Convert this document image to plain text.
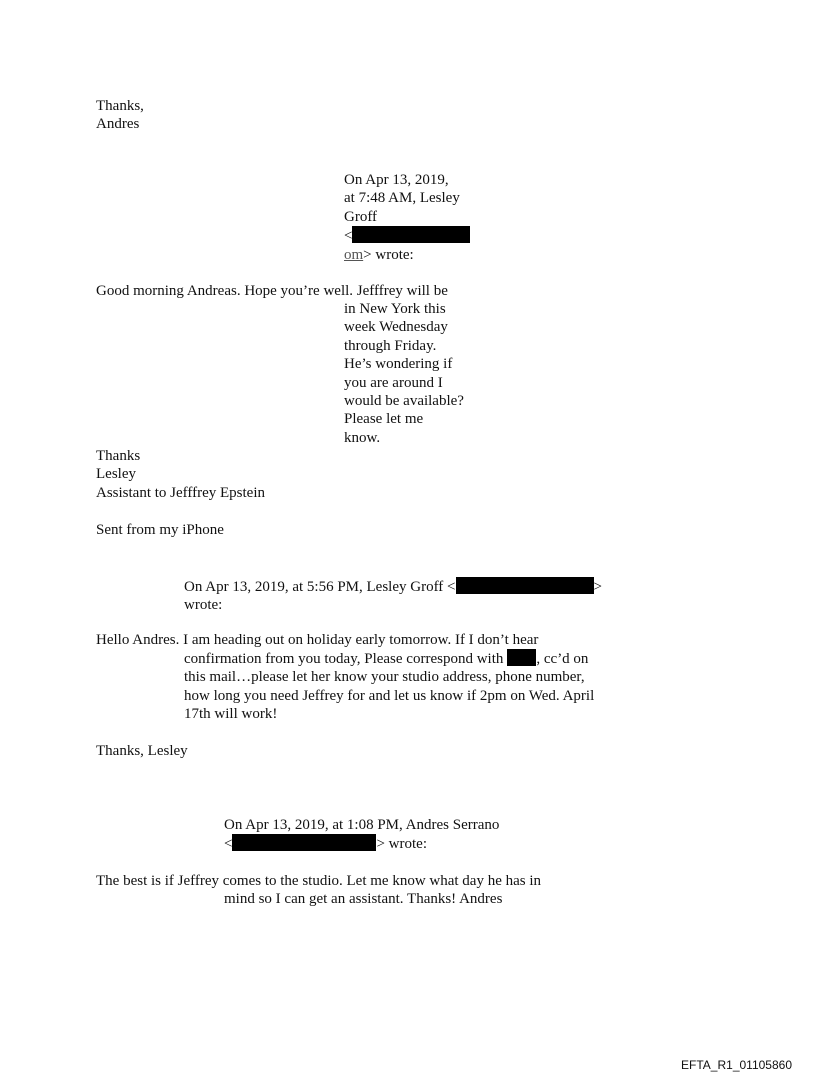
Thanks,
Andres
On Apr 13, 2019,
at 7:48 AM, Lesley
Groff
<
om> wrote:
Good morning Andreas. Hope you’re well. Jefffrey will be
in New York this
week Wednesday
through Friday.
He’s wondering if
you are around I
would be available?
Please let me
know.
Thanks
Lesley
Assistant to Jefffrey Epstein
Sent from my iPhone
On Apr 13, 2019, at 5:56 PM, Lesley Groff <	>
wrote:
Hello Andres. I am heading out on holiday early tomorrow. If I don’t hear
confirmation from you today, Please correspond with , cc’d on
this mail…please let her know your studio address, phone number,
how long you need Jeffrey for and let us know if 2pm on Wed. April
17th will work!
Thanks, Lesley
On Apr 13, 2019, at 1:08 PM, Andres Serrano
<	> wrote:
The best is if Jeffrey comes to the studio. Let me know what day he has in
mind so I can get an assistant. Thanks! Andres
EFTA_R1_01105860
